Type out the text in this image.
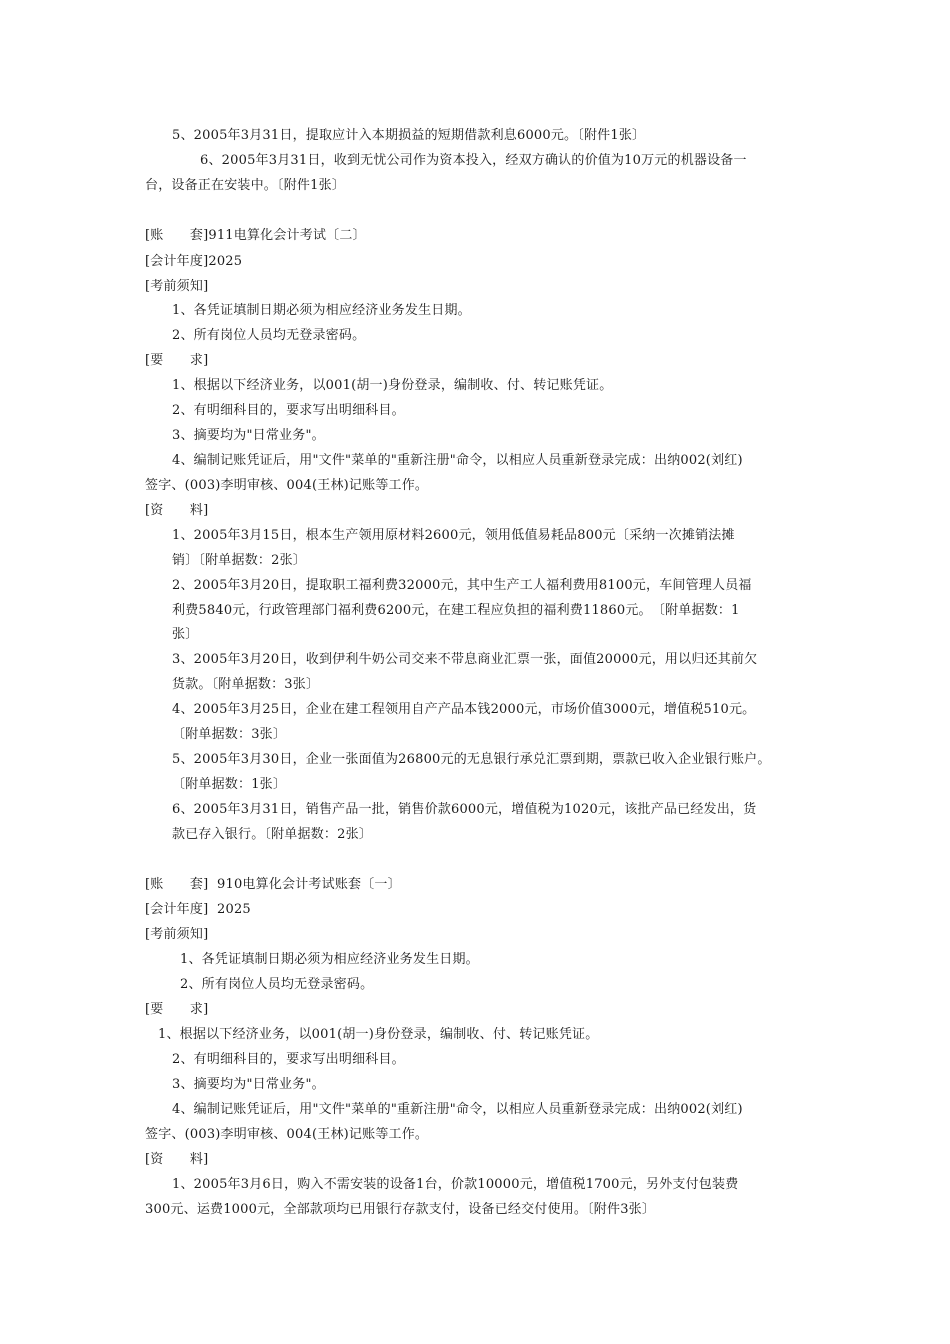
5、2005年3月31日，提取应计入本期损益的短期借款利息6000元。〔附件1张〕
6、2005年3月31日，收到无忧公司作为资本投入，经双方确认的价值为10万元的机器设备一
台，设备正在安装中。〔附件1张〕
[账　　套]911电算化会计考试〔二〕
[会计年度]2025
[考前须知]
1、各凭证填制日期必须为相应经济业务发生日期。
2、所有岗位人员均无登录密码。
[要　　求]
1、根据以下经济业务，以001(胡一)身份登录，编制收、付、转记账凭证。
2、有明细科目的，要求写出明细科目。
3、摘要均为"日常业务"。
4、编制记账凭证后，用"文件"菜单的"重新注册"命令，以相应人员重新登录完成：出纳002(刘红)
签字、(003)李明审核、004(王林)记账等工作。
[资　　料]
1、2005年3月15日，根本生产领用原材料2600元，领用低值易耗品800元〔采纳一次摊销法摊
销〕〔附单据数：2张〕
2、2005年3月20日，提取职工福利费32000元，其中生产工人福利费用8100元，车间管理人员福
利费5840元，行政管理部门福利费6200元，在建工程应负担的福利费11860元。　〔附单据数：1
张〕
3、2005年3月20日，收到伊利牛奶公司交来不带息商业汇票一张，面值20000元，用以归还其前欠
货款。〔附单据数：3张〕
4、2005年3月25日，企业在建工程领用自产产品本钱2000元，市场价值3000元，增值税510元。
〔附单据数：3张〕
5、2005年3月30日，企业一张面值为26800元的无息银行承兑汇票到期，票款已收入企业银行账户。
〔附单据数：1张〕
6、2005年3月31日，销售产品一批，销售价款6000元，增值税为1020元，该批产品已经发出，货
款已存入银行。〔附单据数：2张〕
[账　　套] 910电算化会计考试账套〔一〕
[会计年度] 2025
[考前须知]
1、各凭证填制日期必须为相应经济业务发生日期。
2、所有岗位人员均无登录密码。
[要　　求]
1、根据以下经济业务，以001(胡一)身份登录，编制收、付、转记账凭证。
2、有明细科目的，要求写出明细科目。
3、摘要均为"日常业务"。
4、编制记账凭证后，用"文件"菜单的"重新注册"命令，以相应人员重新登录完成：出纳002(刘红)
签字、(003)李明审核、004(王林)记账等工作。
[资　　料]
1、2005年3月6日，购入不需安装的设备1台，价款10000元，增值税1700元，另外支付包装费
300元、运费1000元，全部款项均已用银行存款支付，设备已经交付使用。〔附件3张〕
